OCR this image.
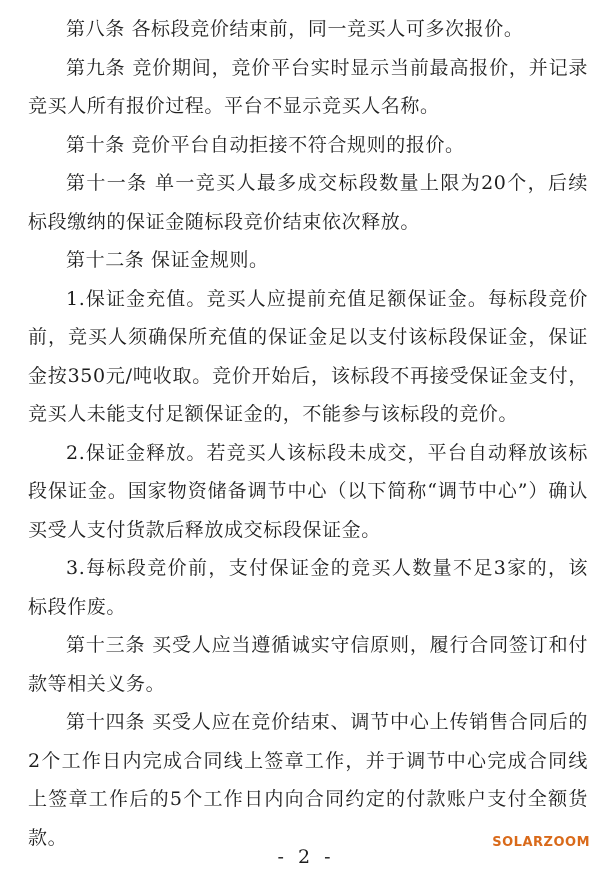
第八条 各标段竞价结束前，同一竞买人可多次报价。

第九条 竞价期间，竞价平台实时显示当前最高报价，并记录竞买人所有报价过程。平台不显示竞买人名称。

第十条 竞价平台自动拒接不符合规则的报价。

第十一条 单一竞买人最多成交标段数量上限为20个，后续标段缴纳的保证金随标段竞价结束依次释放。

第十二条 保证金规则。

1.保证金充值。竞买人应提前充值足额保证金。每标段竞价前，竞买人须确保所充值的保证金足以支付该标段保证金，保证金按350元/吨收取。竞价开始后，该标段不再接受保证金支付，竞买人未能支付足额保证金的，不能参与该标段的竞价。

2.保证金释放。若竞买人该标段未成交，平台自动释放该标段保证金。国家物资储备调节中心（以下简称“调节中心”）确认买受人支付货款后释放成交标段保证金。

3.每标段竞价前，支付保证金的竞买人数量不足3家的，该标段作废。

第十三条 买受人应当遵循诚实守信原则，履行合同签订和付款等相关义务。

第十四条 买受人应在竞价结束、调节中心上传销售合同后的2个工作日内完成合同线上签章工作，并于调节中心完成合同线上签章工作后的5个工作日内向合同约定的付款账户支付全额货款。

- 2 -
SOLARZOOM
